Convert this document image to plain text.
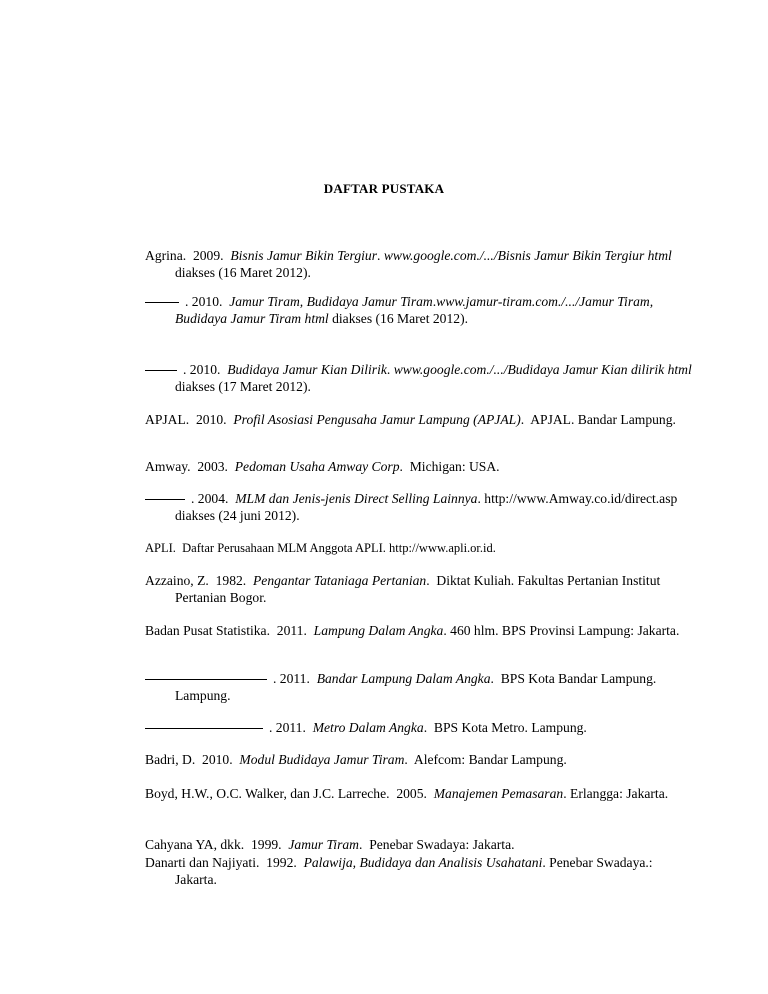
DAFTAR PUSTAKA
Agrina. 2009. Bisnis Jamur Bikin Tergiur. www.google.com./.../Bisnis Jamur Bikin Tergiur html diakses (16 Maret 2012).
. 2010. Jamur Tiram, Budidaya Jamur Tiram.www.jamur-tiram.com./.../Jamur Tiram, Budidaya Jamur Tiram html diakses (16 Maret 2012).
. 2010. Budidaya Jamur Kian Dilirik. www.google.com./.../Budidaya Jamur Kian dilirik html diakses (17 Maret 2012).
APJAL. 2010. Profil Asosiasi Pengusaha Jamur Lampung (APJAL). APJAL. Bandar Lampung.
Amway. 2003. Pedoman Usaha Amway Corp. Michigan: USA.
. 2004. MLM dan Jenis-jenis Direct Selling Lainnya. http://www.Amway.co.id/direct.asp diakses (24 juni 2012).
APLI. Daftar Perusahaan MLM Anggota APLI. http://www.apli.or.id.
Azzaino, Z. 1982. Pengantar Tataniaga Pertanian. Diktat Kuliah. Fakultas Pertanian Institut Pertanian Bogor.
Badan Pusat Statistika. 2011. Lampung Dalam Angka. 460 hlm. BPS Provinsi Lampung: Jakarta.
. 2011. Bandar Lampung Dalam Angka. BPS Kota Bandar Lampung. Lampung.
. 2011. Metro Dalam Angka. BPS Kota Metro. Lampung.
Badri, D. 2010. Modul Budidaya Jamur Tiram. Alefcom: Bandar Lampung.
Boyd, H.W., O.C. Walker, dan J.C. Larreche. 2005. Manajemen Pemasaran. Erlangga: Jakarta.
Cahyana YA, dkk. 1999. Jamur Tiram. Penebar Swadaya: Jakarta.
Danarti dan Najiyati. 1992. Palawija, Budidaya dan Analisis Usahatani. Penebar Swadaya.: Jakarta.
